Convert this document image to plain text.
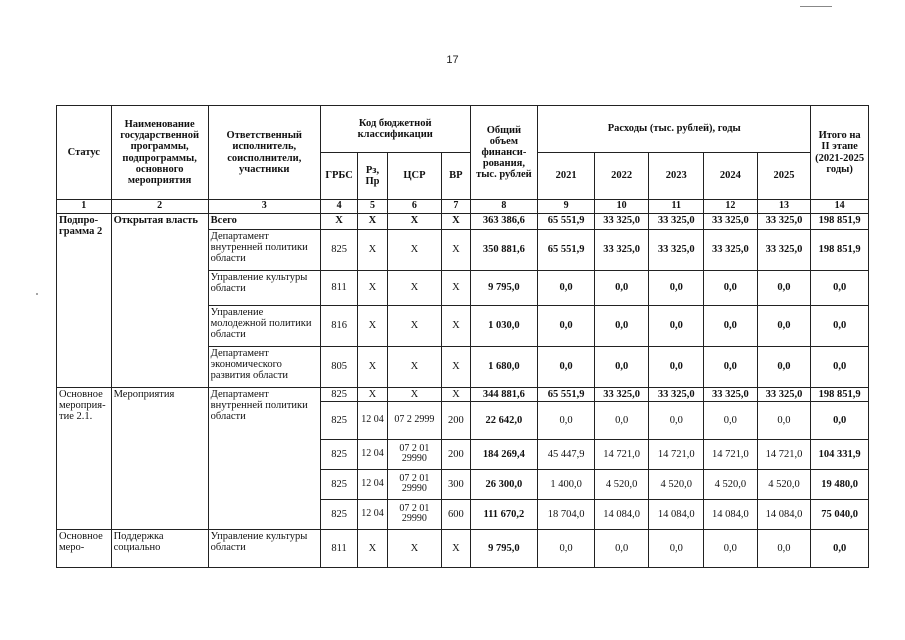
17
Статус	Наименование государственной программы, подпрограммы, основного мероприятия	Ответственный исполнитель, соисполнители, участники	Код бюджетной классификации				Общий объем финанси-рования, тыс. рублей	Расходы (тыс. рублей), годы					Итого на II этапе (2021-2025 годы)
			ГРБС	Рз, Пр	ЦСР	ВР		2021	2022	2023	2024	2025	
1	2	3	4	5	6	7	8	9	10	11	12	13	14
Подпро-грамма 2	Открытая власть	Всего	Х	Х	Х	Х	363 386,6	65 551,9	33 325,0	33 325,0	33 325,0	33 325,0	198 851,9
		Департамент внутренней политики области	825	Х	Х	Х	350 881,6	65 551,9	33 325,0	33 325,0	33 325,0	33 325,0	198 851,9
		Управление культуры области	811	Х	Х	Х	9 795,0	0,0	0,0	0,0	0,0	0,0	0,0
		Управление молодежной политики области	816	Х	Х	Х	1 030,0	0,0	0,0	0,0	0,0	0,0	0,0
		Департамент экономического развития области	805	Х	Х	Х	1 680,0	0,0	0,0	0,0	0,0	0,0	0,0
Основное мероприя-тие 2.1.	Мероприятия	Департамент внутренней политики области	825	Х	Х	Х	344 881,6	65 551,9	33 325,0	33 325,0	33 325,0	33 325,0	198 851,9
			825	12 04	07 2 2999	200	22 642,0	0,0	0,0	0,0	0,0	0,0	0,0
			825	12 04	07 2 01 29990	200	184 269,4	45 447,9	14 721,0	14 721,0	14 721,0	14 721,0	104 331,9
			825	12 04	07 2 01 29990	300	26 300,0	1 400,0	4 520,0	4 520,0	4 520,0	4 520,0	19 480,0
			825	12 04	07 2 01 29990	600	111 670,2	18 704,0	14 084,0	14 084,0	14 084,0	14 084,0	75 040,0
Основное меро-	Поддержка социально	Управление культуры области	811	Х	Х	Х	9 795,0	0,0	0,0	0,0	0,0	0,0	0,0
